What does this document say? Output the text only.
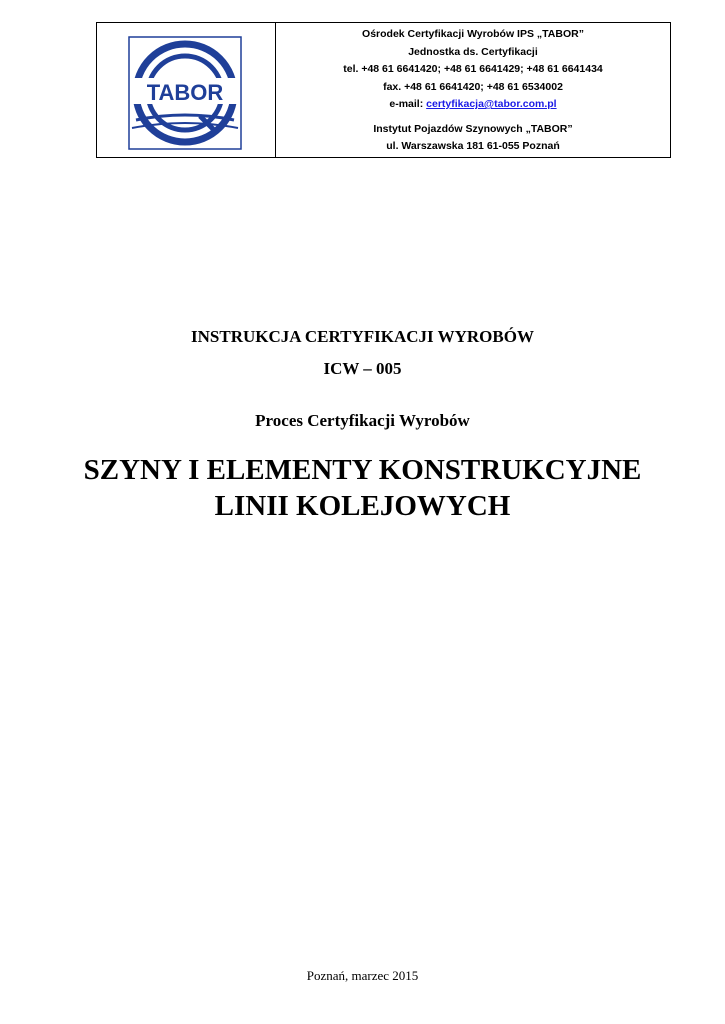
TABOR
Ośrodek Certyfikacji Wyrobów IPS „TABOR”
Jednostka ds. Certyfikacji
tel. +48 61 6641420; +48 61 6641429; +48 61 6641434
fax. +48 61 6641420; +48 61 6534002
e-mail: certyfikacja@tabor.com.pl
Instytut Pojazdów Szynowych „TABOR”
ul. Warszawska 181 61-055 Poznań
INSTRUKCJA CERTYFIKACJI WYROBÓW
ICW – 005
Proces Certyfikacji Wyrobów
SZYNY I ELEMENTY KONSTRUKCYJNE
LINII KOLEJOWYCH
Poznań, marzec 2015
